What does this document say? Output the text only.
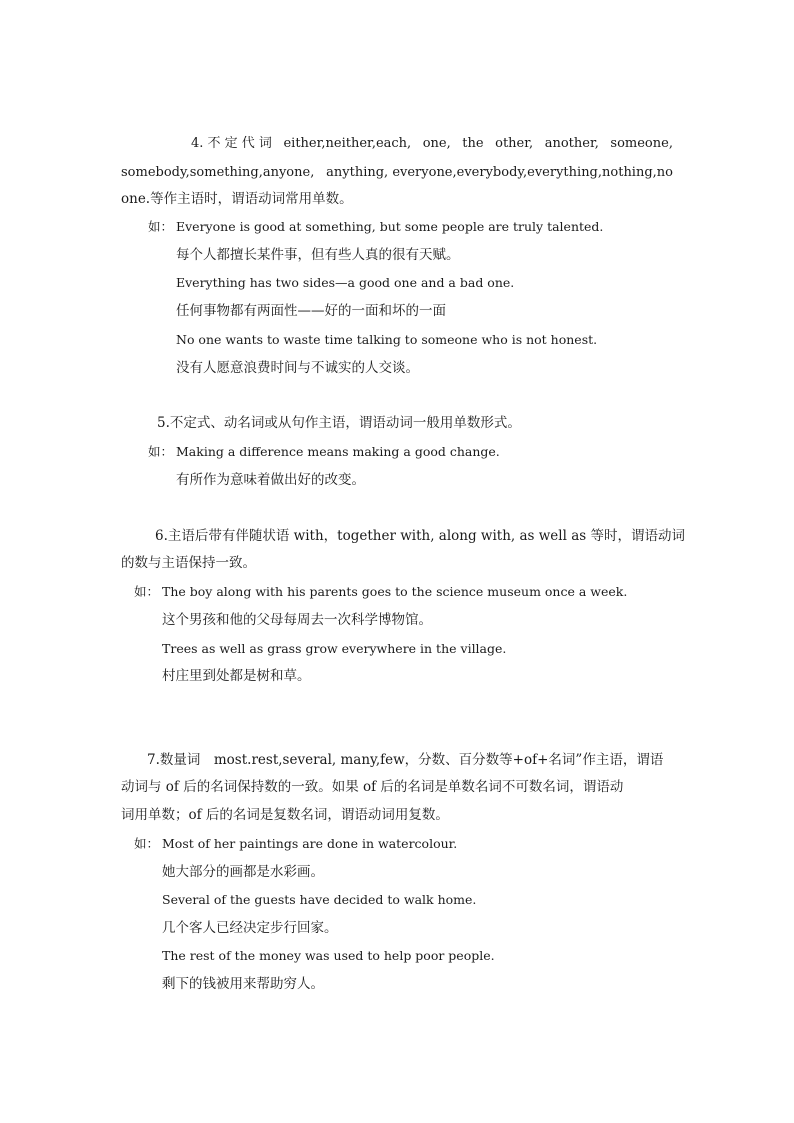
4. 不 定 代 词 either,neither,each, one, the other, another, someone,
somebody,something,anyone, anything, everyone,everybody,everything,nothing,no
one.等作主语时，谓语动词常用单数。
如： Everyone is good at something, but some people are truly talented.
每个人都擅长某件事，但有些人真的很有天赋。
Everything has two sides—a good one and a bad one.
任何事物都有两面性——好的一面和坏的一面
No one wants to waste time talking to someone who is not honest.
没有人愿意浪费时间与不诚实的人交谈。
5.不定式、动名词或从句作主语，谓语动词一般用单数形式。
如： Making a difference means making a good change.
有所作为意味着做出好的改变。
6.主语后带有伴随状语 with，together with, along with, as well as 等时，谓语动词
的数与主语保持一致。
如： The boy along with his parents goes to the science museum once a week.
这个男孩和他的父母每周去一次科学博物馆。
Trees as well as grass grow everywhere in the village.
村庄里到处都是树和草。
7.数量词　most.rest,several, many,few，分数、百分数等+of+名词”作主语，谓语
动词与 of 后的名词保持数的一致。如果 of 后的名词是单数名词不可数名词，谓语动
词用单数；of 后的名词是复数名词，谓语动词用复数。
如： Most of her paintings are done in watercolour.
她大部分的画都是水彩画。
Several of the guests have decided to walk home.
几个客人已经决定步行回家。
The rest of the money was used to help poor people.
剩下的钱被用来帮助穷人。
